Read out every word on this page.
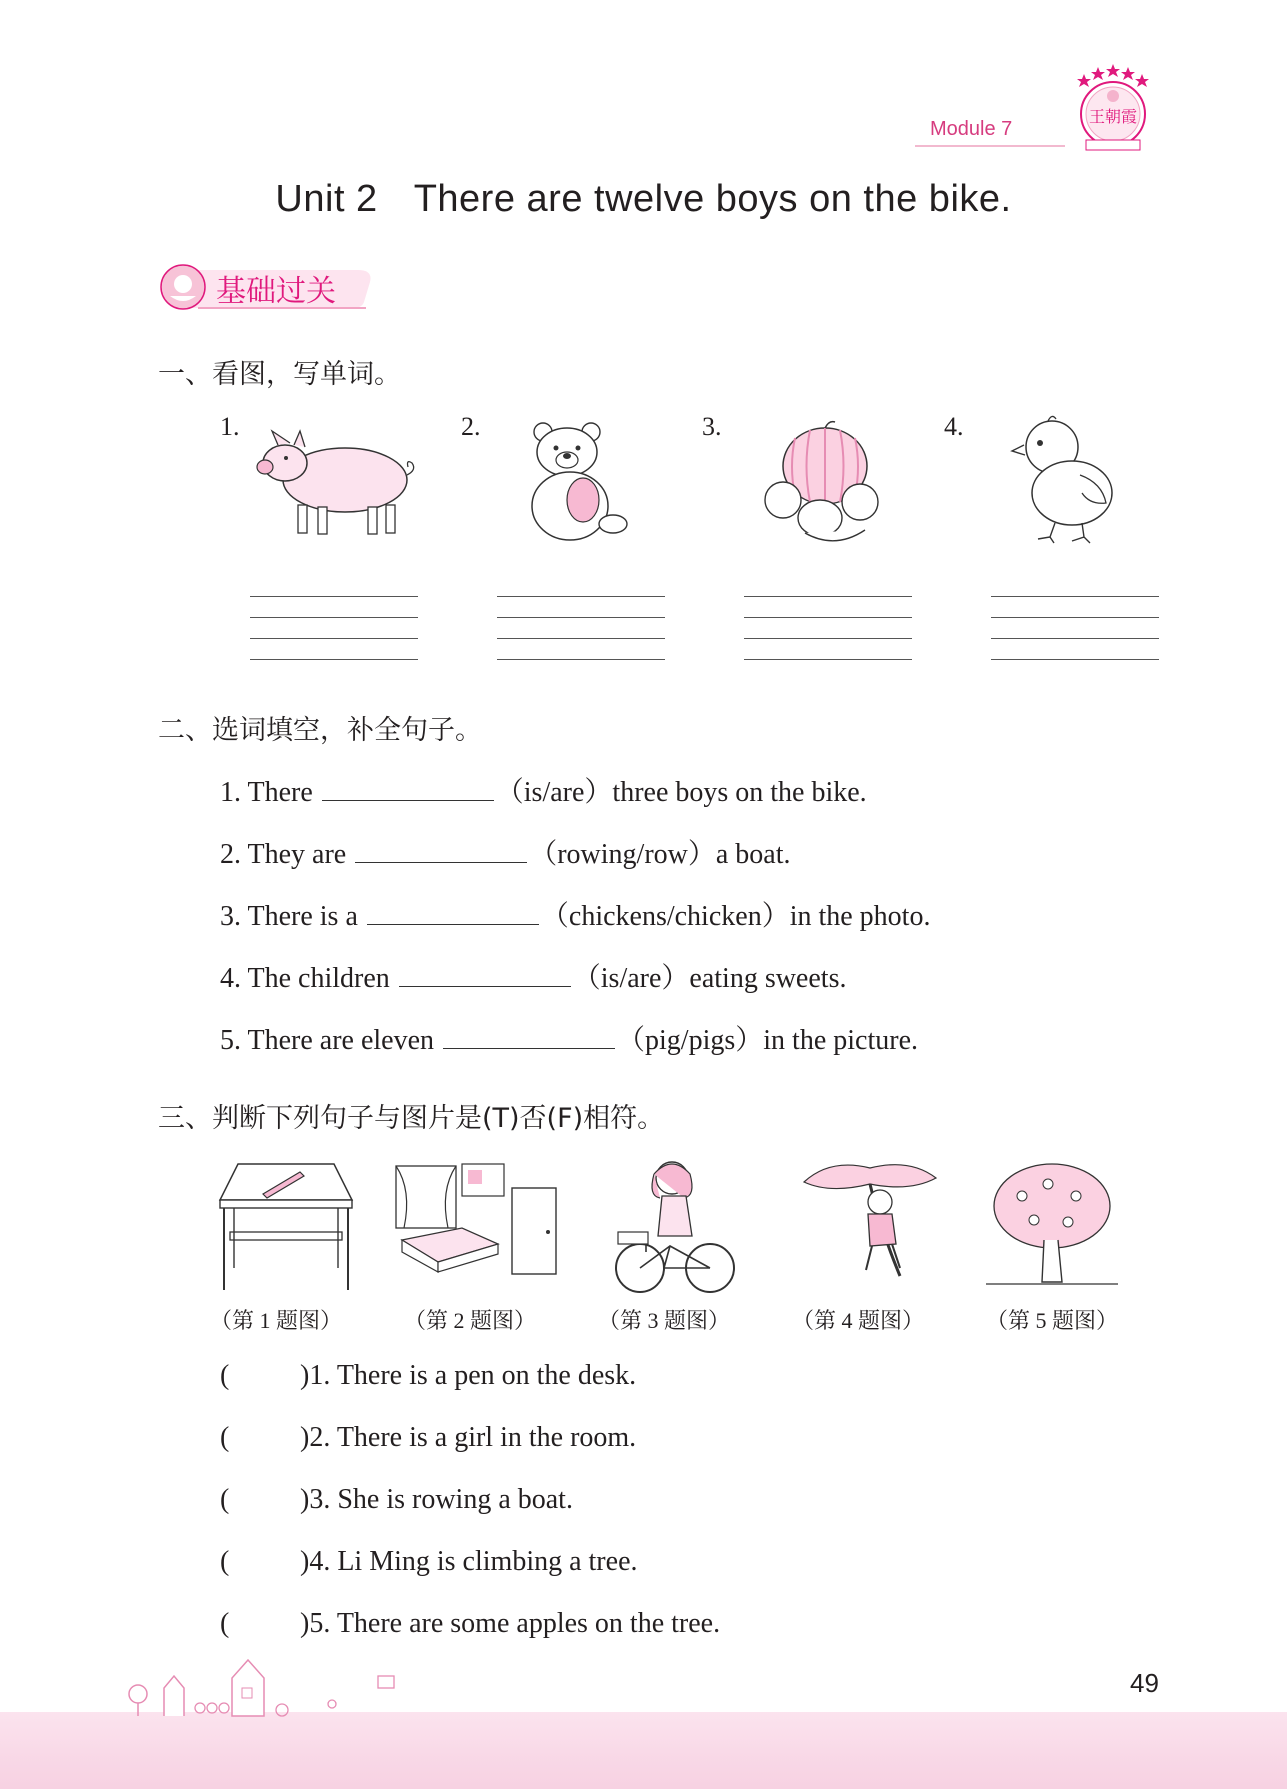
Module 7
王朝霞
Unit 2 There are twelve boys on the bike.
基础过关
一、看图，写单词。
1.	2.	3.	4.
二、选词填空，补全句子。
1. There	（is/are）three boys on the bike.
2. They are	（rowing/row）a boat.
3. There is a	（chickens/chicken）in the photo.
4. The children	（is/are）eating sweets.
5. There are eleven	（pig/pigs）in the picture.
三、判断下列句子与图片是(T)否(F)相符。
（第 1 题图）	（第 2 题图）	（第 3 题图）	（第 4 题图）	（第 5 题图）
(	)1. There is a pen on the desk.
(	)2. There is a girl in the room.
(	)3. She is rowing a boat.
(	)4. Li Ming is climbing a tree.
(	)5. There are some apples on the tree.
49
